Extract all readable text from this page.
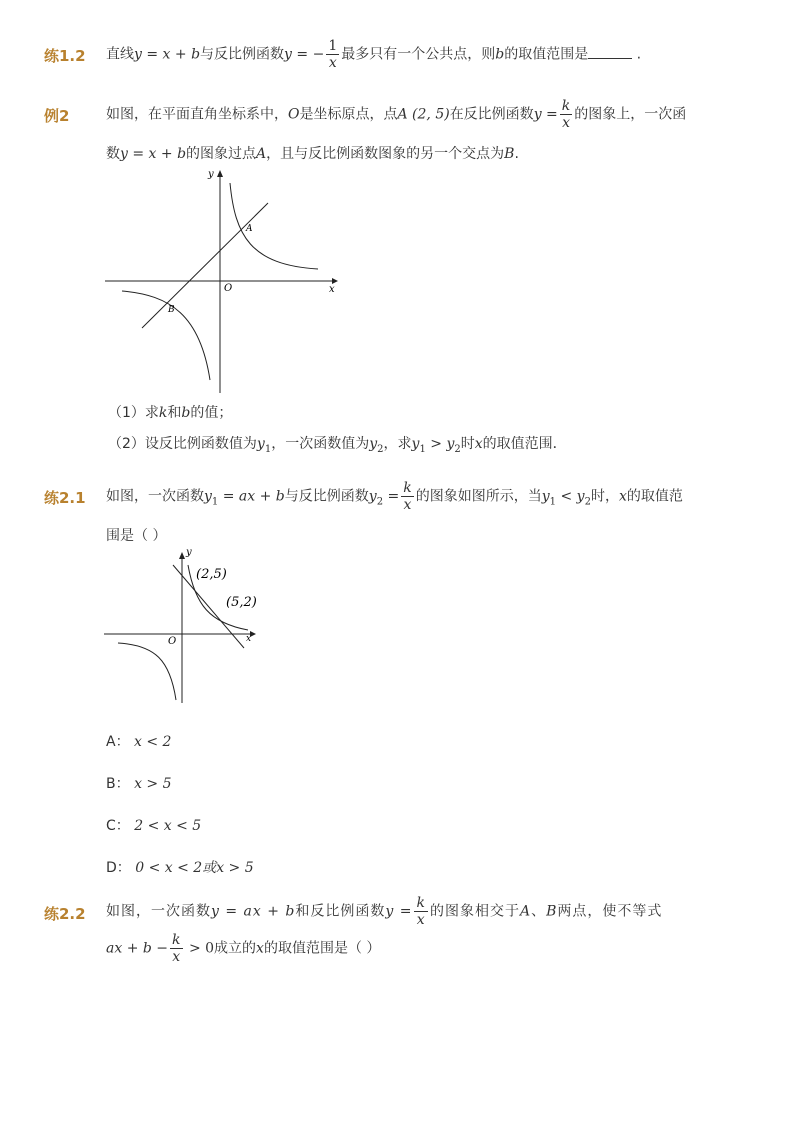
练1.2 直线y = x + b与反比例函数y = − $\frac{1}{x}$ 最多只有一个公共点，则b的取值范围是	.
例2	如图，在平面直角坐标系中，O是坐标原点，点A (2, 5)在反比例函数$y = \frac{k}{x}$ 的图象上，一次函
数y = x + b的图象过点A，且与反比例函数图象的另一个交点为B.
y
x
O
A
B
（1）求k和b的值；
（2）设反比例函数值为$y_1$，一次函数值为$y_2$，求$y_1 > y_2$时x的取值范围．
练2.1 如图，一次函数$y_1$ = ax + b与反比例函数$y_2 = \frac{k}{x}$ 的图象如图所示，当$y_1 < y_2$时，x的取值范
围是（ ）
y
x
O
(2,5)
(5,2)
A： x < 2
B： x > 5
C： 2 < x < 5
D： 0 < x < 2或x > 5
练2.2 如图，一次函数y = ax + b和反比例函数$y = \frac{k}{x}$ 的图象相交于A、B两点，使不等式
ax + $b - \frac{k}{x} > 0$成立的x的取值范围是（ ）
